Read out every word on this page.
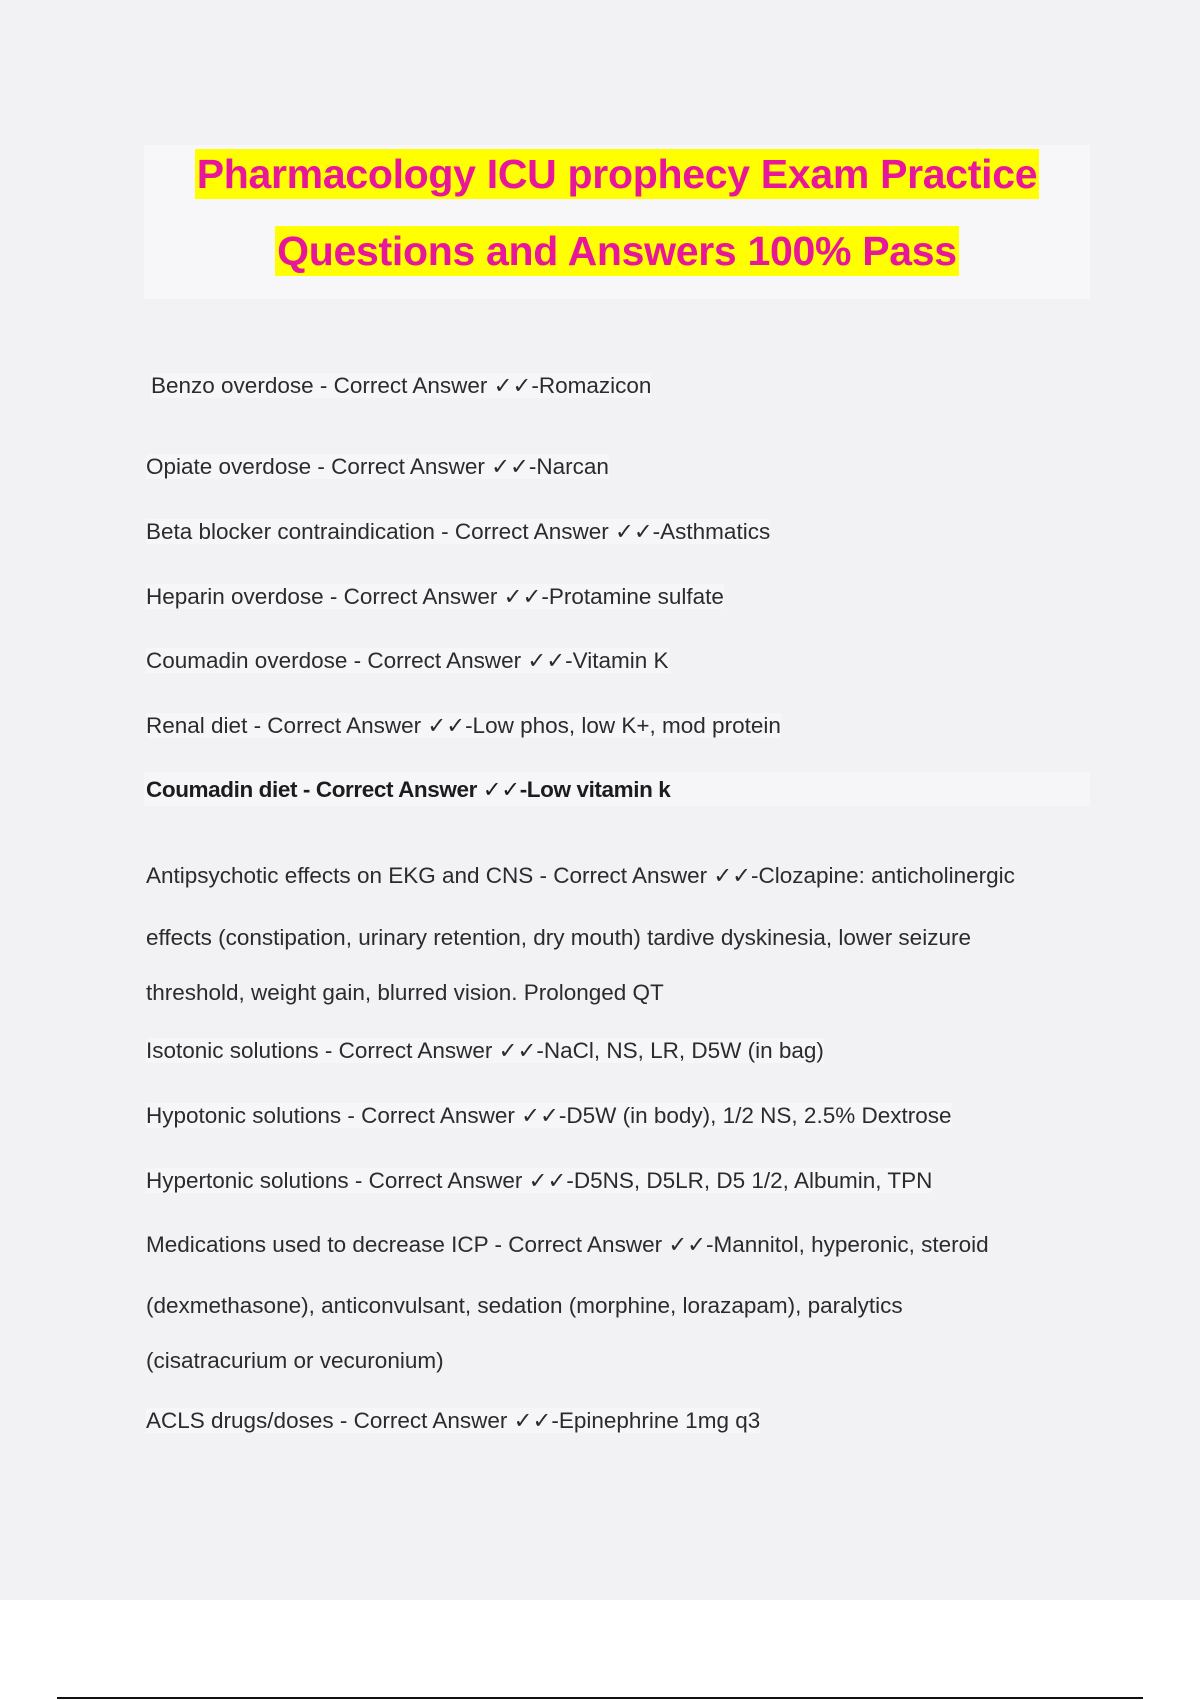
Pharmacology ICU prophecy Exam Practice
Questions and Answers 100% Pass
Benzo overdose - Correct Answer ✓✓-Romazicon
Opiate overdose - Correct Answer ✓✓-Narcan
Beta blocker contraindication - Correct Answer ✓✓-Asthmatics
Heparin overdose - Correct Answer ✓✓-Protamine sulfate
Coumadin overdose - Correct Answer ✓✓-Vitamin K
Renal diet - Correct Answer ✓✓-Low phos, low K+, mod protein
Coumadin diet - Correct Answer ✓✓-Low vitamin k
Antipsychotic effects on EKG and CNS - Correct Answer ✓✓-Clozapine: anticholinergic
effects (constipation, urinary retention, dry mouth) tardive dyskinesia, lower seizure
threshold, weight gain, blurred vision. Prolonged QT
Isotonic solutions - Correct Answer ✓✓-NaCl, NS, LR, D5W (in bag)
Hypotonic solutions - Correct Answer ✓✓-D5W (in body), 1/2 NS, 2.5% Dextrose
Hypertonic solutions - Correct Answer ✓✓-D5NS, D5LR, D5 1/2, Albumin, TPN
Medications used to decrease ICP - Correct Answer ✓✓-Mannitol, hyperonic, steroid
(dexmethasone), anticonvulsant, sedation (morphine, lorazapam), paralytics
(cisatracurium or vecuronium)
ACLS drugs/doses - Correct Answer ✓✓-Epinephrine 1mg q3
